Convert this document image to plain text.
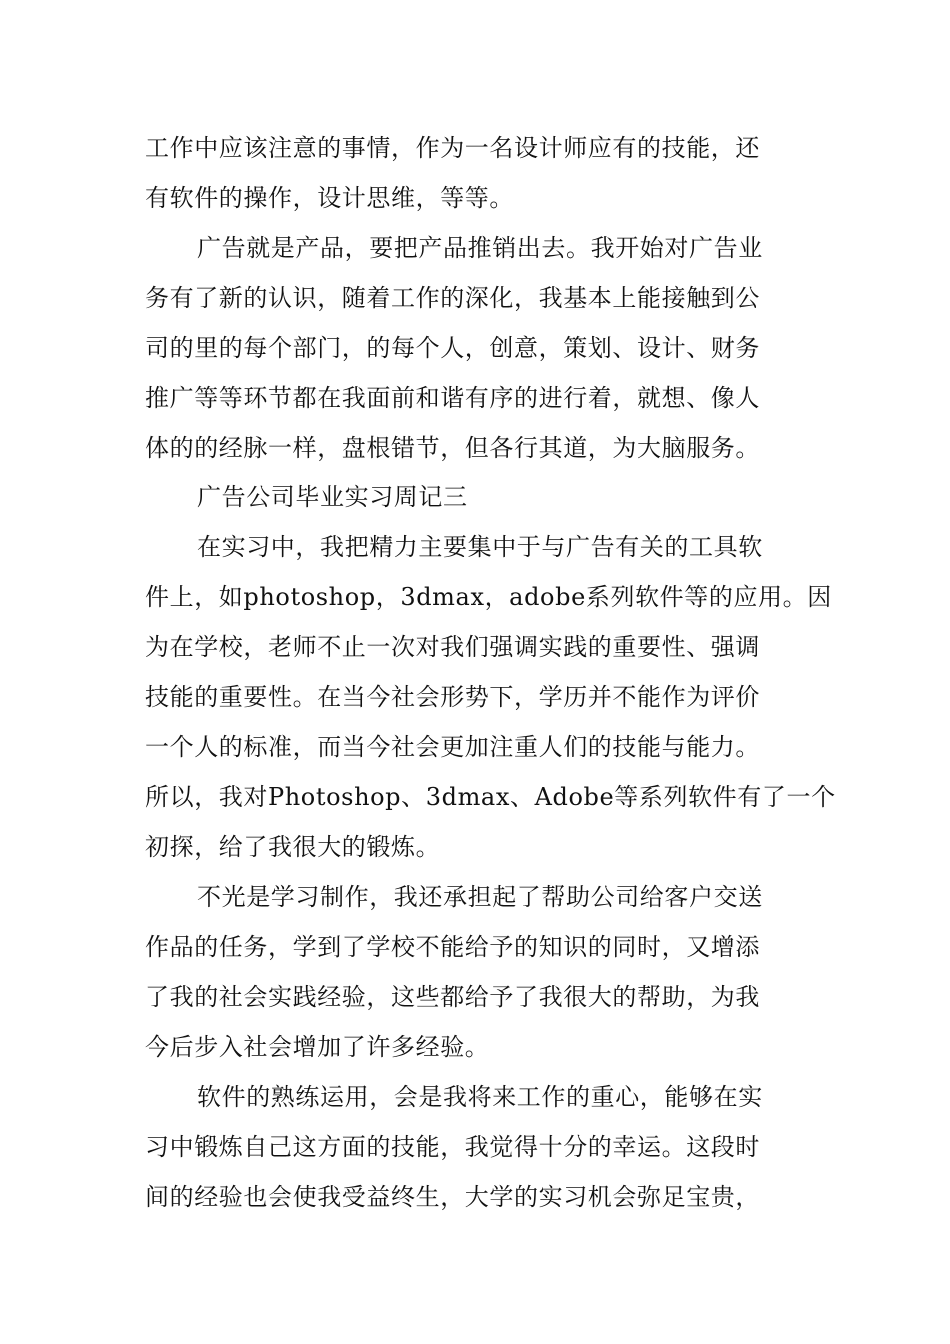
工作中应该注意的事情，作为一名设计师应有的技能，还
有软件的操作，设计思维，等等。
广告就是产品，要把产品推销出去。我开始对广告业
务有了新的认识，随着工作的深化，我基本上能接触到公
司的里的每个部门，的每个人，创意，策划、设计、财务
推广等等环节都在我面前和谐有序的进行着，就想、像人
体的的经脉一样，盘根错节，但各行其道，为大脑服务。
广告公司毕业实习周记三
在实习中，我把精力主要集中于与广告有关的工具软
件上，如photoshop，3dmax，adobe系列软件等的应用。因
为在学校，老师不止一次对我们强调实践的重要性、强调
技能的重要性。在当今社会形势下，学历并不能作为评价
一个人的标准，而当今社会更加注重人们的技能与能力。
所以，我对Photoshop、3dmax、Adobe等系列软件有了一个
初探，给了我很大的锻炼。
不光是学习制作，我还承担起了帮助公司给客户交送
作品的任务，学到了学校不能给予的知识的同时，又增添
了我的社会实践经验，这些都给予了我很大的帮助，为我
今后步入社会增加了许多经验。
软件的熟练运用，会是我将来工作的重心，能够在实
习中锻炼自己这方面的技能，我觉得十分的幸运。这段时
间的经验也会使我受益终生，大学的实习机会弥足宝贵，
